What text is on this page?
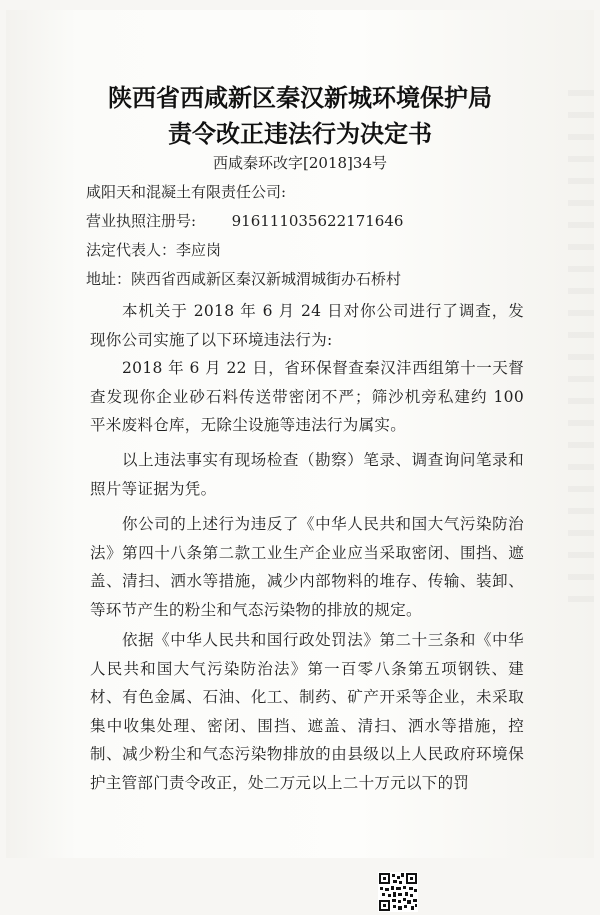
陕西省西咸新区秦汉新城环境保护局
责令改正违法行为决定书
西咸秦环改字[2018]34号
咸阳天和混凝土有限责任公司:
营业执照注册号: 916111035622171646
法定代表人：李应岗
地址：陕西省西咸新区秦汉新城渭城街办石桥村
本机关于 2018 年 6 月 24 日对你公司进行了调查，发现你公司实施了以下环境违法行为:
2018 年 6 月 22 日，省环保督查秦汉沣西组第十一天督查发现你企业砂石料传送带密闭不严；筛沙机旁私建约 100 平米废料仓库，无除尘设施等违法行为属实。
以上违法事实有现场检查（勘察）笔录、调查询问笔录和照片等证据为凭。
你公司的上述行为违反了《中华人民共和国大气污染防治法》第四十八条第二款工业生产企业应当采取密闭、围挡、遮盖、清扫、洒水等措施，减少内部物料的堆存、传输、装卸、等环节产生的粉尘和气态污染物的排放的规定。
依据《中华人民共和国行政处罚法》第二十三条和《中华人民共和国大气污染防治法》第一百零八条第五项钢铁、建材、有色金属、石油、化工、制药、矿产开采等企业，未采取集中收集处理、密闭、围挡、遮盖、清扫、洒水等措施，控制、减少粉尘和气态污染物排放的由县级以上人民政府环境保护主管部门责令改正，处二万元以上二十万元以下的罚
